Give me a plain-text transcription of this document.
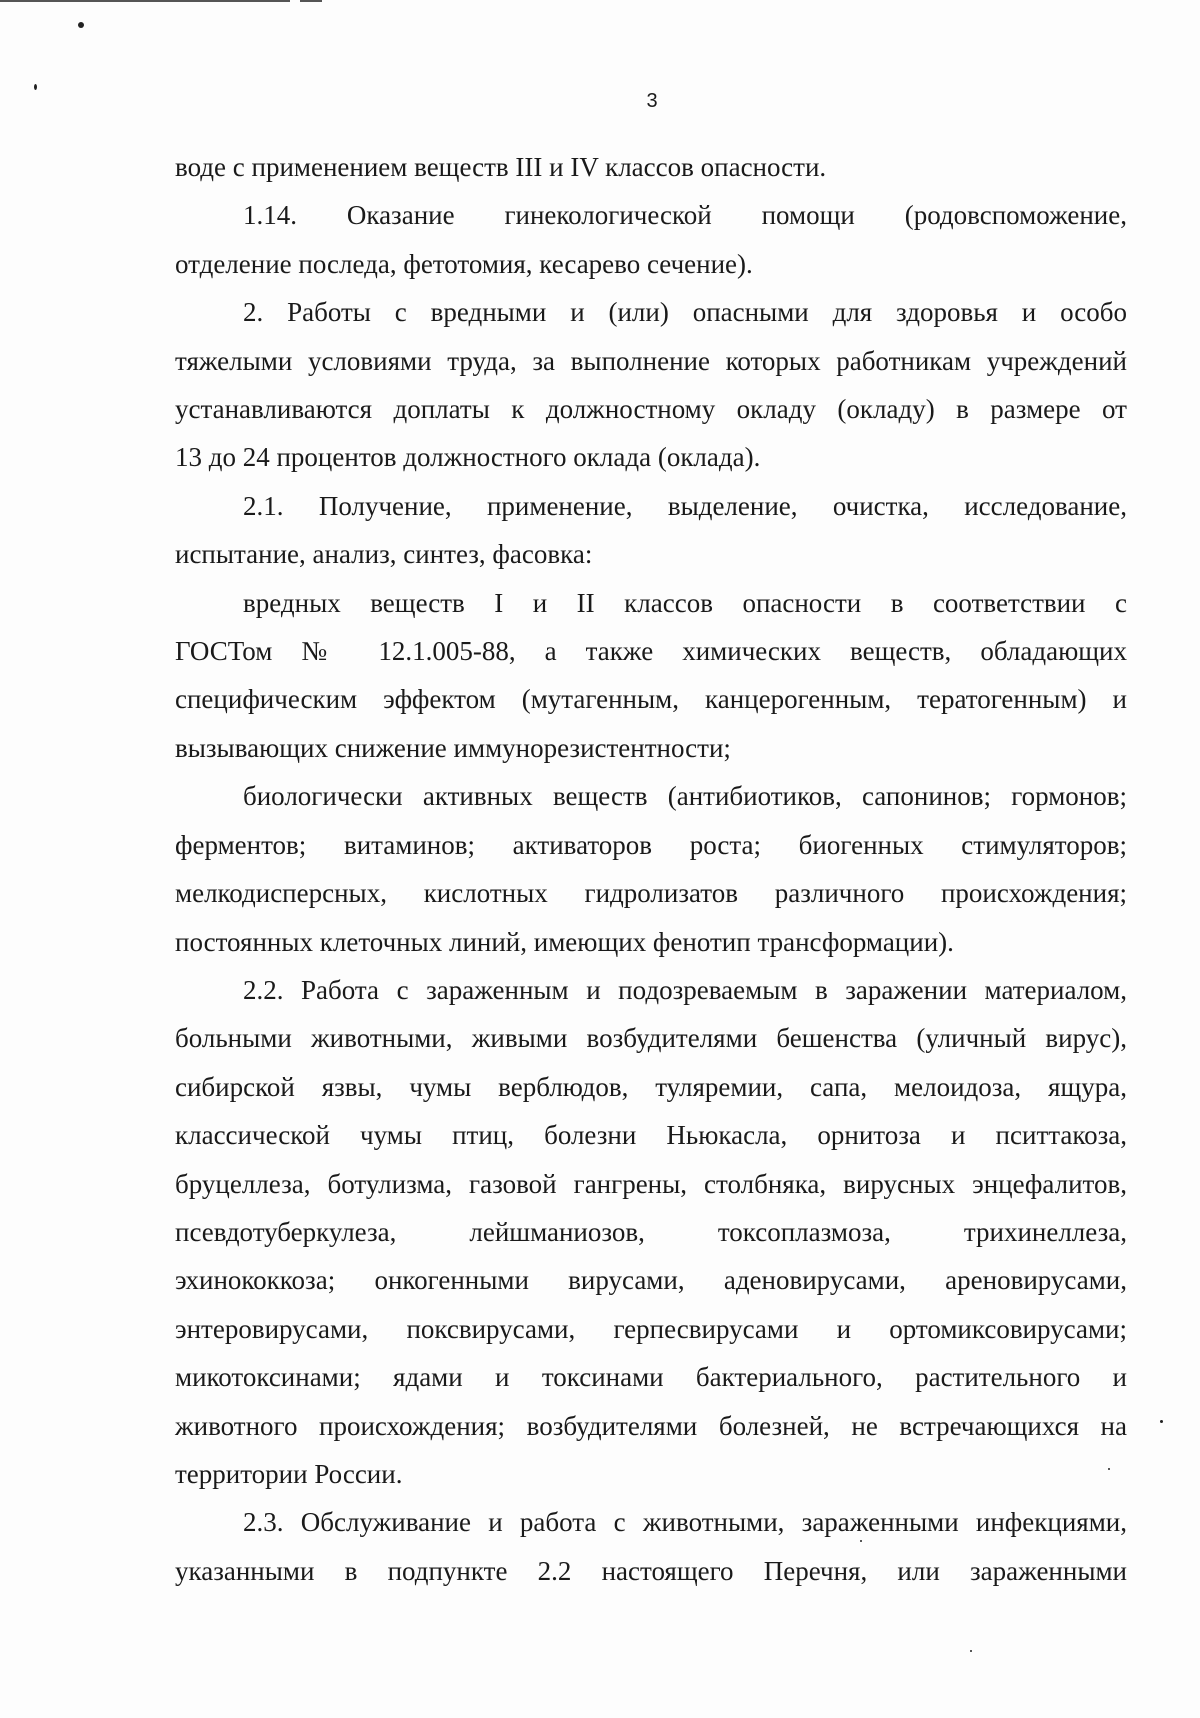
3
воде с применением веществ III и IV классов опасности.
1.14. Оказание гинекологической помощи (родовспоможение,
отделение последа, фетотомия, кесарево сечение).
2. Работы с вредными и (или) опасными для здоровья и особо
тяжелыми условиями труда, за выполнение которых работникам учреждений
устанавливаются доплаты к должностному окладу (окладу) в размере от
13 до 24 процентов должностного оклада (оклада).
2.1. Получение, применение, выделение, очистка, исследование,
испытание, анализ, синтез, фасовка:
вредных веществ I и II классов опасности в соответствии с
ГОСТом № 12.1.005-88, а также химических веществ, обладающих
специфическим эффектом (мутагенным, канцерогенным, тератогенным) и
вызывающих снижение иммунорезистентности;
биологически активных веществ (антибиотиков, сапонинов; гормонов;
ферментов; витаминов; активаторов роста; биогенных стимуляторов;
мелкодисперсных, кислотных гидролизатов различного происхождения;
постоянных клеточных линий, имеющих фенотип трансформации).
2.2. Работа с зараженным и подозреваемым в заражении материалом,
больными животными, живыми возбудителями бешенства (уличный вирус),
сибирской язвы, чумы верблюдов, туляремии, сапа, мелоидоза, ящура,
классической чумы птиц, болезни Ньюкасла, орнитоза и пситтакоза,
бруцеллеза, ботулизма, газовой гангрены, столбняка, вирусных энцефалитов,
псевдотуберкулеза, лейшманиозов, токсоплазмоза, трихинеллеза,
эхинококкоза; онкогенными вирусами, аденовирусами, ареновирусами,
энтеровирусами, поксвирусами, герпесвирусами и ортомиксовирусами;
микотоксинами; ядами и токсинами бактериального, растительного и
животного происхождения; возбудителями болезней, не встречающихся на
территории России.
2.3. Обслуживание и работа с животными, зараженными инфекциями,
указанными в подпункте 2.2 настоящего Перечня, или зараженными
